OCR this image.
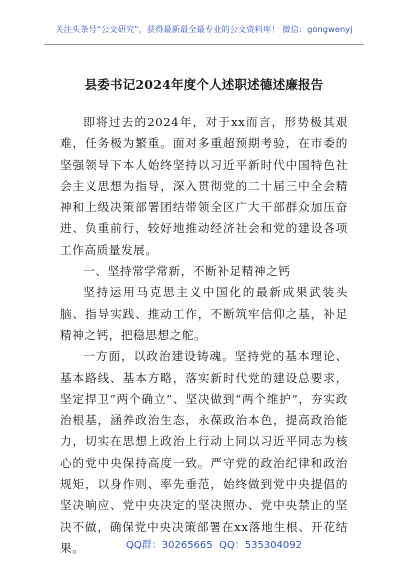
关注头条号“公文研究”，获得最新最全最专业的公文资料库！ 微信：gongwenyj
县委书记2024年度个人述职述德述廉报告

即将过去的2024年，对于xx而言，形势极其艰难，任务极为繁重。面对多重超预期考验，在市委的坚强领导下本人始终坚持以习近平新时代中国特色社会主义思想为指导，深入贯彻党的二十届三中全会精神和上级决策部署团结带领全区广大干部群众加压奋进、负重前行，较好地推动经济社会和党的建设各项工作高质量发展。

一、坚持常学常新，不断补足精神之钙

坚持运用马克思主义中国化的最新成果武装头脑、指导实践、推动工作，不断筑牢信仰之基，补足精神之钙，把稳思想之舵。

一方面，以政治建设铸魂。坚持党的基本理论、基本路线、基本方略，落实新时代党的建设总要求，坚定捍卫“两个确立”、坚决做到“两个维护”，夯实政治根基，涵养政治生态，永葆政治本色，提高政治能力，切实在思想上政治上行动上同以习近平同志为核心的党中央保持高度一致。严守党的政治纪律和政治规矩，以身作则、率先垂范，始终做到党中央提倡的坚决响应、党中央决定的坚决照办、党中央禁止的坚决不做，确保党中央决策部署在xx落地生根、开花结果。	QQ群：30265665 QQ：535304092
